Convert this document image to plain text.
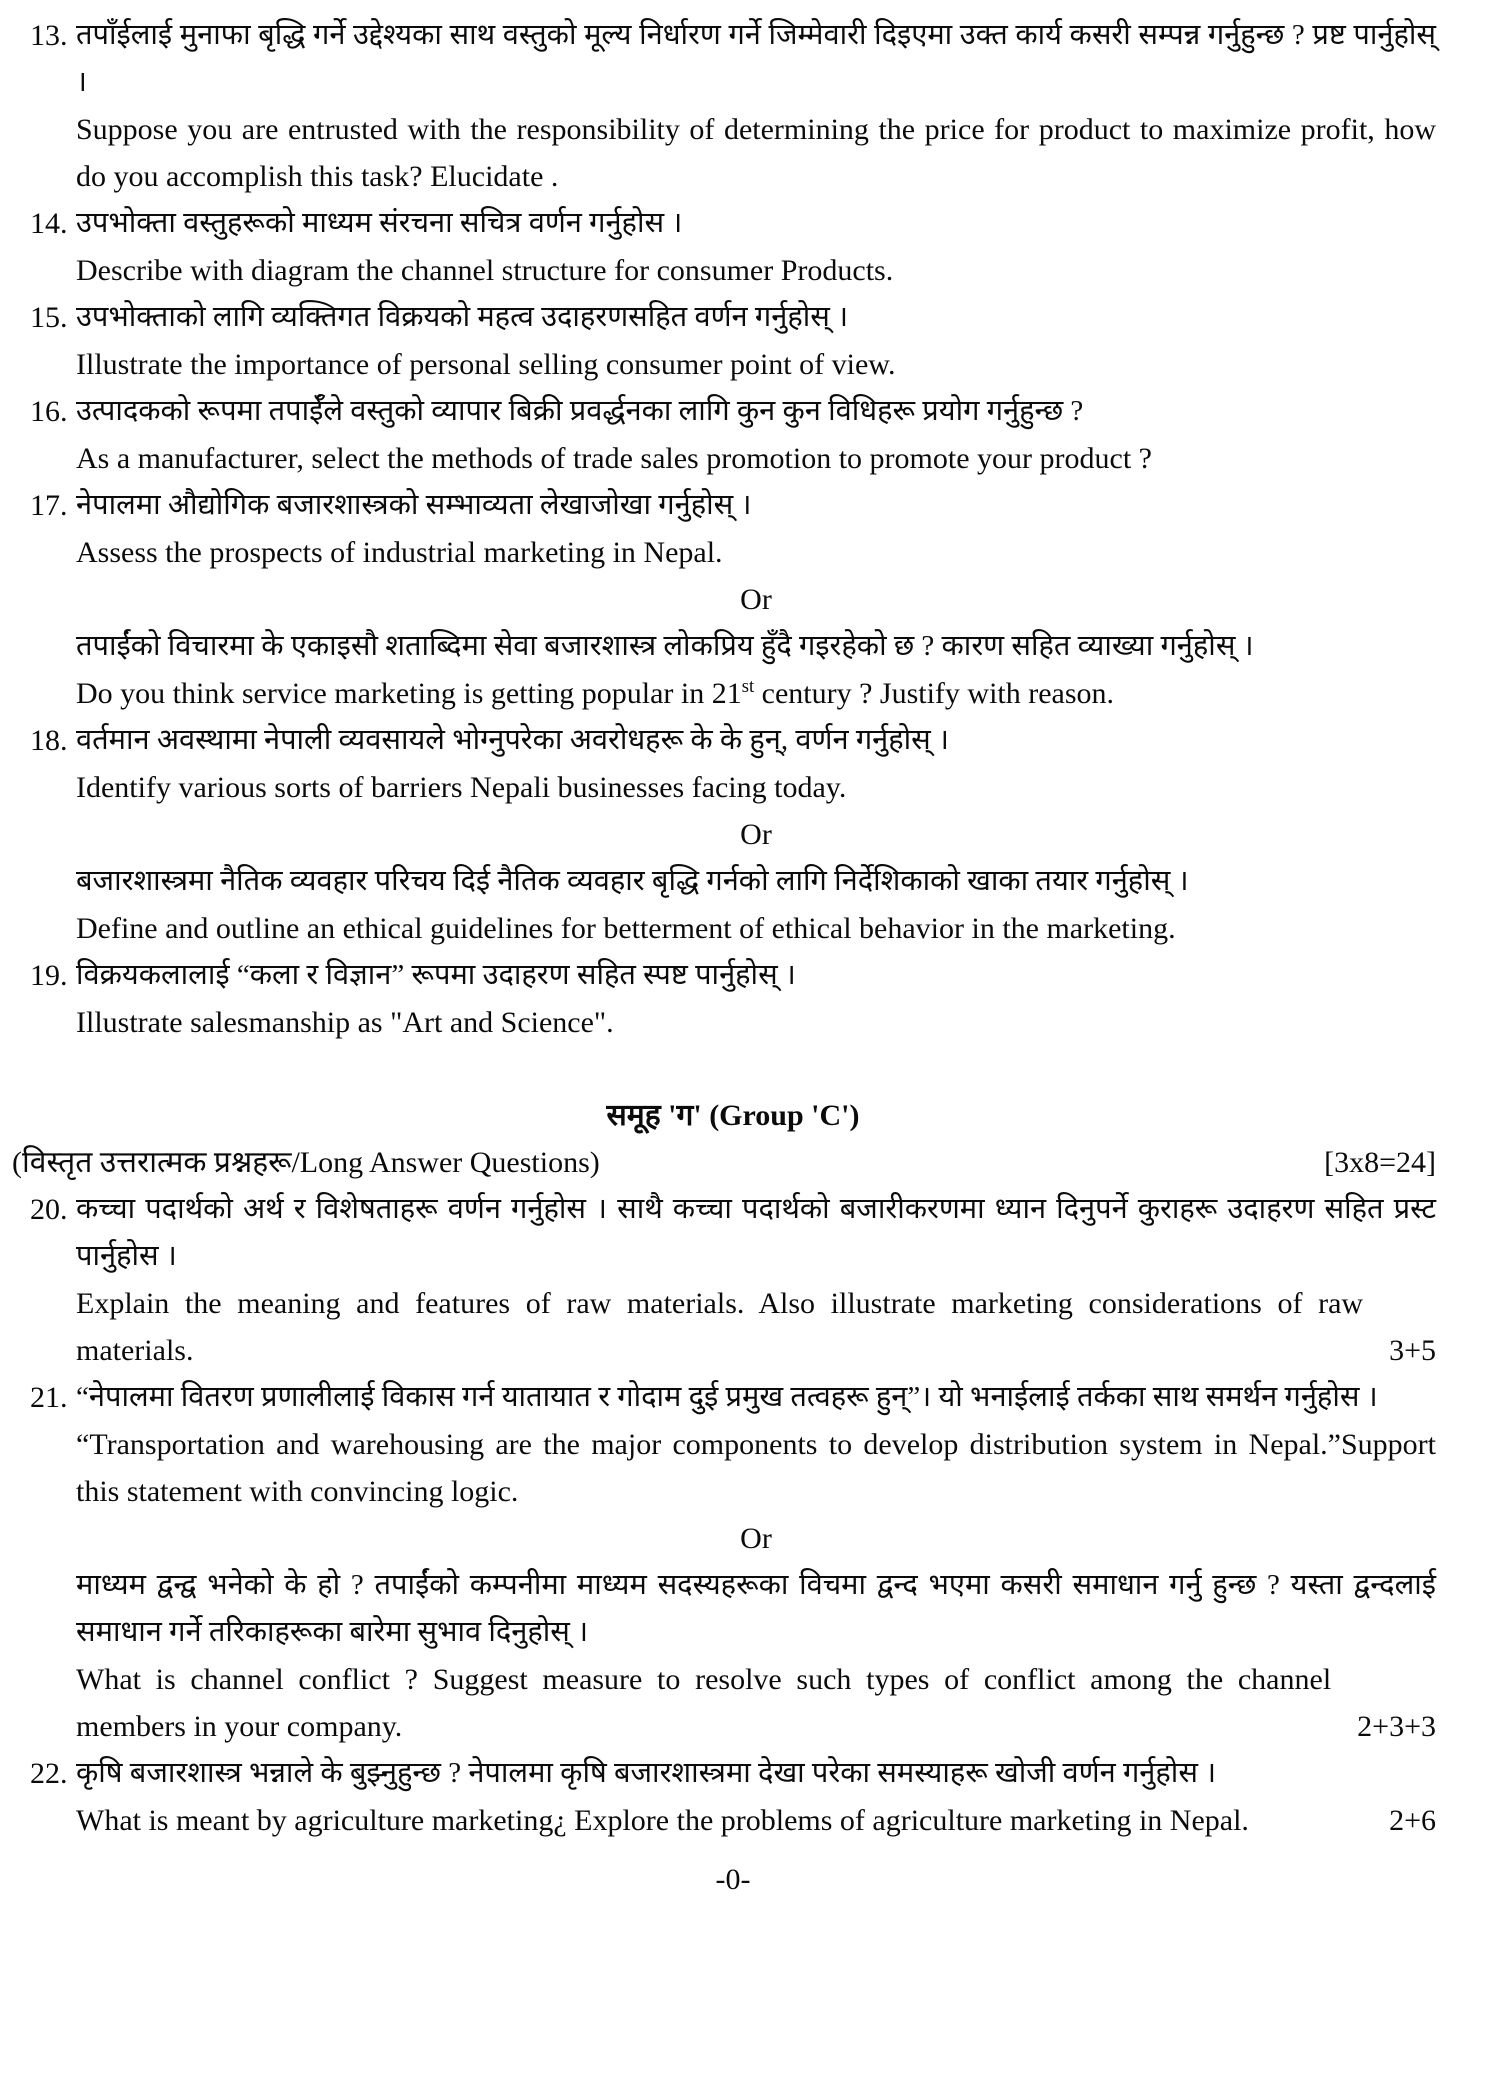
13. तपाँईलाई मुनाफा बृद्धि गर्ने उद्देश्यका साथ वस्तुको मूल्य निर्धारण गर्ने जिम्मेवारी दिइएमा उक्त कार्य कसरी सम्पन्न गर्नुहुन्छ ? प्रष्ट पार्नुहोस् ।
Suppose you are entrusted with the responsibility of determining the price for product to maximize profit, how do you accomplish this task? Elucidate .
14. उपभोक्ता वस्तुहरूको माध्यम संरचना सचित्र वर्णन गर्नुहोस ।
Describe with diagram the channel structure for consumer Products.
15. उपभोक्ताको लागि व्यक्तिगत विक्रयको महत्व उदाहरणसहित वर्णन गर्नुहोस् ।
Illustrate the importance of personal selling consumer point of view.
16. उत्पादकको रूपमा तपाईँले वस्तुको व्यापार बिक्री प्रवर्द्धनका लागि कुन कुन विधिहरू प्रयोग गर्नुहुन्छ ?
As a manufacturer, select the methods of trade sales promotion to promote your product ?
17. नेपालमा औद्योगिक बजारशास्त्रको सम्भाव्यता लेखाजोखा गर्नुहोस् ।
Assess the prospects of industrial marketing in Nepal.
Or
तपाईंको विचारमा के एकाइसौ शताब्दिमा सेवा बजारशास्त्र लोकप्रिय हुँदै गइरहेको छ ? कारण सहित व्याख्या गर्नुहोस् ।
Do you think service marketing is getting popular in 21st century ? Justify with reason.
18. वर्तमान अवस्थामा नेपाली व्यवसायले भोग्नुपरेका अवरोधहरू के के हुन्, वर्णन गर्नुहोस् ।
Identify various sorts of barriers Nepali businesses facing today.
Or
बजारशास्त्रमा नैतिक व्यवहार परिचय दिई नैतिक व्यवहार बृद्धि गर्नको लागि निर्देशिकाको खाका तयार गर्नुहोस् ।
Define and outline an ethical guidelines for betterment of ethical behavior in the marketing.
19. विक्रयकलालाई “कला र विज्ञान” रूपमा उदाहरण सहित स्पष्ट पार्नुहोस् ।
Illustrate salesmanship as "Art and Science".
समूह 'ग' (Group 'C')
(विस्तृत उत्तरात्मक प्रश्नहरू/Long Answer Questions)	[3x8=24]
20. कच्चा पदार्थको अर्थ र विशेषताहरू वर्णन गर्नुहोस । साथै कच्चा पदार्थको बजारीकरणमा ध्यान दिनुपर्ने कुराहरू उदाहरण सहित प्रस्ट पार्नुहोस ।
Explain the meaning and features of raw materials. Also illustrate marketing considerations of raw materials.	3+5
21. “नेपालमा वितरण प्रणालीलाई विकास गर्न यातायात र गोदाम दुई प्रमुख तत्वहरू हुन्”। यो भनाईलाई तर्कका साथ समर्थन गर्नुहोस ।
“Transportation and warehousing are the major components to develop distribution system in Nepal.”Support this statement with convincing logic.
Or
माध्यम द्वन्द्व भनेको के हो ? तपाईंको कम्पनीमा माध्यम सदस्यहरूका विचमा द्वन्द भएमा कसरी समाधान गर्नु हुन्छ ? यस्ता द्वन्दलाई समाधान गर्ने तरिकाहरूका बारेमा सुभाव दिनुहोस् ।
What is channel conflict ? Suggest measure to resolve such types of conflict among the channel members in your company.	2+3+3
22. कृषि बजारशास्त्र भन्नाले के बुझ्नुहुन्छ ? नेपालमा कृषि बजारशास्त्रमा देखा परेका समस्याहरू खोजी वर्णन गर्नुहोस ।
What is meant by agriculture marketing¿ Explore the problems of agriculture marketing in Nepal.	2+6
-0-
